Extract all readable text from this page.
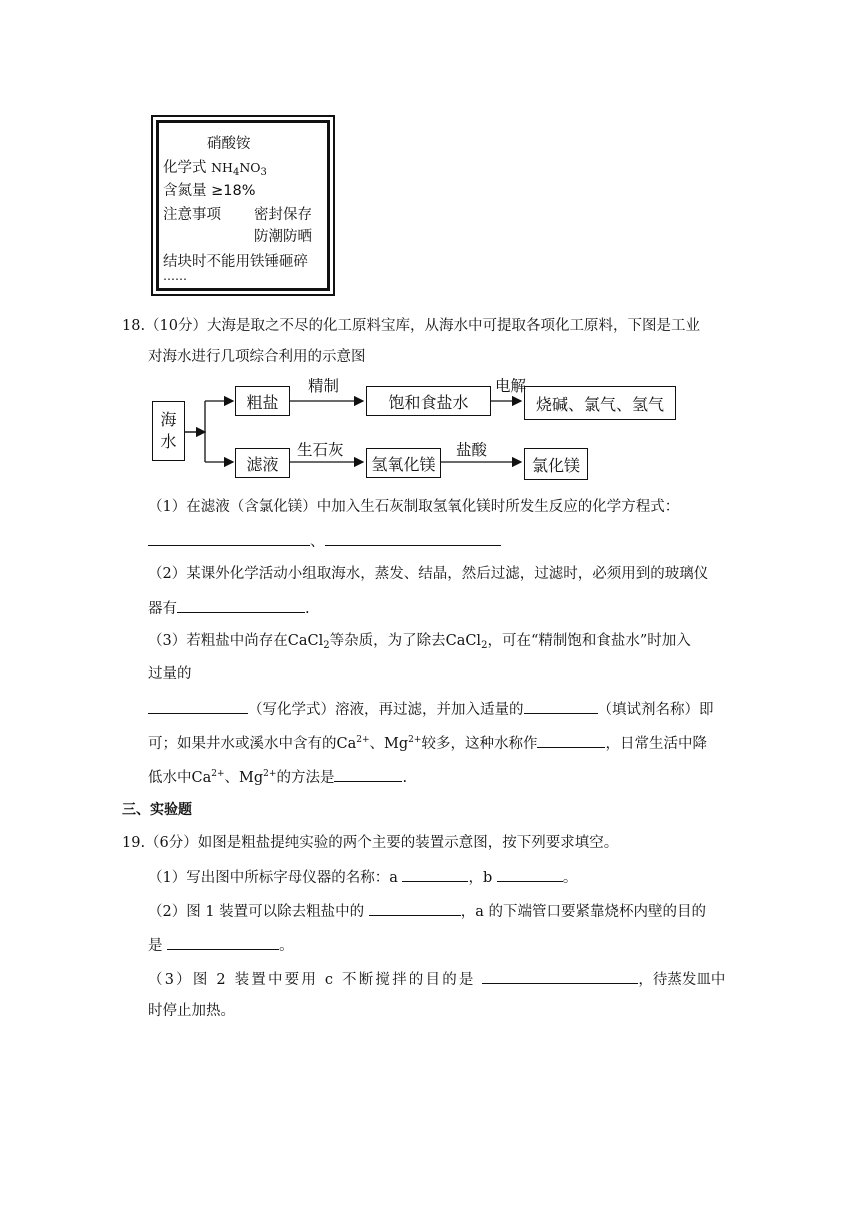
硝酸铵
化学式 $NH_4NO_3$
含氮量 ≥18%
注意事项 密封保存
防潮防晒
结块时不能用铁锤砸碎
……
18.（10分）大海是取之不尽的化工原料宝库，从海水中可提取各项化工原料，下图是工业
对海水进行几项综合利用的示意图
海
水
粗盐
精制
饱和食盐水
电解
烧碱、氯气、氢气
滤液
生石灰
氢氧化镁
盐酸
氯化镁
（1）在滤液（含氯化镁）中加入生石灰制取氢氧化镁时所发生反应的化学方程式：
、
（2）某课外化学活动小组取海水，蒸发、结晶，然后过滤，过滤时，必须用到的玻璃仪
器有	.
（3）若粗盐中尚存在CaCl$_2$等杂质，为了除去CaCl$_2$，可在“精制饱和食盐水”时加入
过量的
（写化学式）溶液，再过滤，并加入适量的	（填试剂名称）即
可；如果井水或溪水中含有的$Ca^{2+}$、$Mg^{2+}$较多，这种水称作	，日常生活中降
低水中$Ca^{2+}$、$Mg^{2+}$的方法是	.
三、实验题
19.（6分）如图是粗盐提纯实验的两个主要的装置示意图，按下列要求填空。
（1）写出图中所标字母仪器的名称：a	，b	。
（2）图 1 装置可以除去粗盐中的	，a 的下端管口要紧靠烧杯内壁的目的
是	。
（3）图 2 装置中要用 c 不断搅拌的目的是	，待蒸发皿中
时停止加热。
